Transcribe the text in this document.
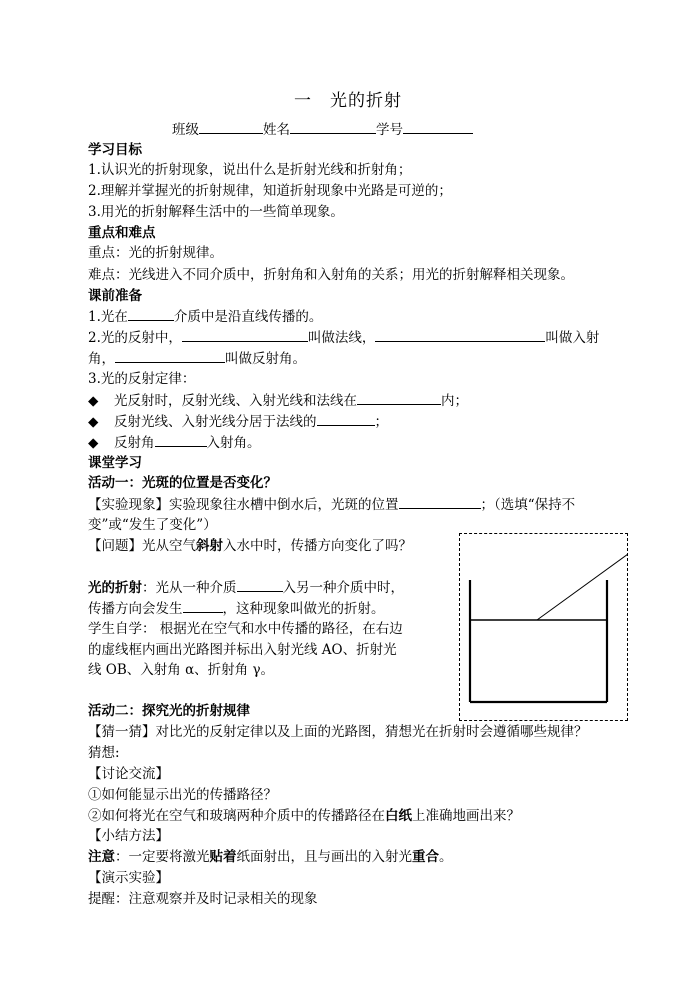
一　光的折射
班级	姓名	学号
学习目标
1.认识光的折射现象，说出什么是折射光线和折射角；
2.理解并掌握光的折射规律，知道折射现象中光路是可逆的；
3.用光的折射解释生活中的一些简单现象。
重点和难点
重点：光的折射规律。
难点：光线进入不同介质中，折射角和入射角的关系；用光的折射解释相关现象。
课前准备
1.光在	介质中是沿直线传播的。
2.光的反射中，	叫做法线，	叫做入射
角，	叫做反射角。
3.光的反射定律：
◆ 光反射时，反射光线、入射光线和法线在	内；
◆ 反射光线、入射光线分居于法线的	；
◆ 反射角	入射角。
课堂学习
活动一：光斑的位置是否变化？
【实验现象】实验现象往水槽中倒水后，光斑的位置	；（选填“保持不
变”或“发生了变化”）
【问题】光从空气斜射入水中时，传播方向变化了吗？
光的折射：光从一种介质	入另一种介质中时，
传播方向会发生	，这种现象叫做光的折射。
学生自学： 根据光在空气和水中传播的路径，在右边
的虚线框内画出光路图并标出入射光线 AO、折射光
线 OB、入射角 α、折射角 γ。
活动二：探究光的折射规律
【猜一猜】对比光的反射定律以及上面的光路图，猜想光在折射时会遵循哪些规律？
猜想:
【讨论交流】
①如何能显示出光的传播路径？
②如何将光在空气和玻璃两种介质中的传播路径在白纸上准确地画出来？
【小结方法】
注意：一定要将激光贴着纸面射出，且与画出的入射光重合。
【演示实验】
提醒：注意观察并及时记录相关的现象
